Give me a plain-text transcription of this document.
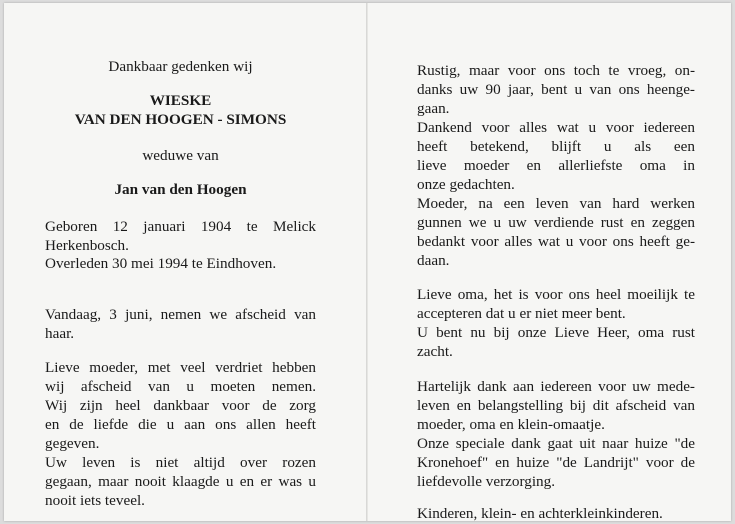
Dankbaar gedenken wij
WIESKE
VAN DEN HOOGEN - SIMONS
weduwe van
Jan van den Hoogen
Geboren 12 januari 1904 te Melick
Herkenbosch.
Overleden 30 mei 1994 te Eindhoven.
Vandaag, 3 juni, nemen we afscheid van
haar.
Lieve moeder, met veel verdriet hebben
wij afscheid van u moeten nemen.
Wij zijn heel dankbaar voor de zorg
en de liefde die u aan ons allen heeft
gegeven.
Uw leven is niet altijd over rozen
gegaan, maar nooit klaagde u en er was u
nooit iets teveel.
Rustig, maar voor ons toch te vroeg, on-
danks uw 90 jaar, bent u van ons heenge-
gaan.
Dankend voor alles wat u voor iedereen
heeft betekend, blijft u als een
lieve moeder en allerliefste oma in
onze gedachten.
Moeder, na een leven van hard werken
gunnen we u uw verdiende rust en zeggen
bedankt voor alles wat u voor ons heeft ge-
daan.
Lieve oma, het is voor ons heel moeilijk te
accepteren dat u er niet meer bent.
U bent nu bij onze Lieve Heer, oma rust
zacht.
Hartelijk dank aan iedereen voor uw mede-
leven en belangstelling bij dit afscheid van
moeder, oma en klein-omaatje.
Onze speciale dank gaat uit naar huize "de
Kronehoef" en huize "de Landrijt" voor de
liefdevolle verzorging.
Kinderen, klein- en achterkleinkinderen.
